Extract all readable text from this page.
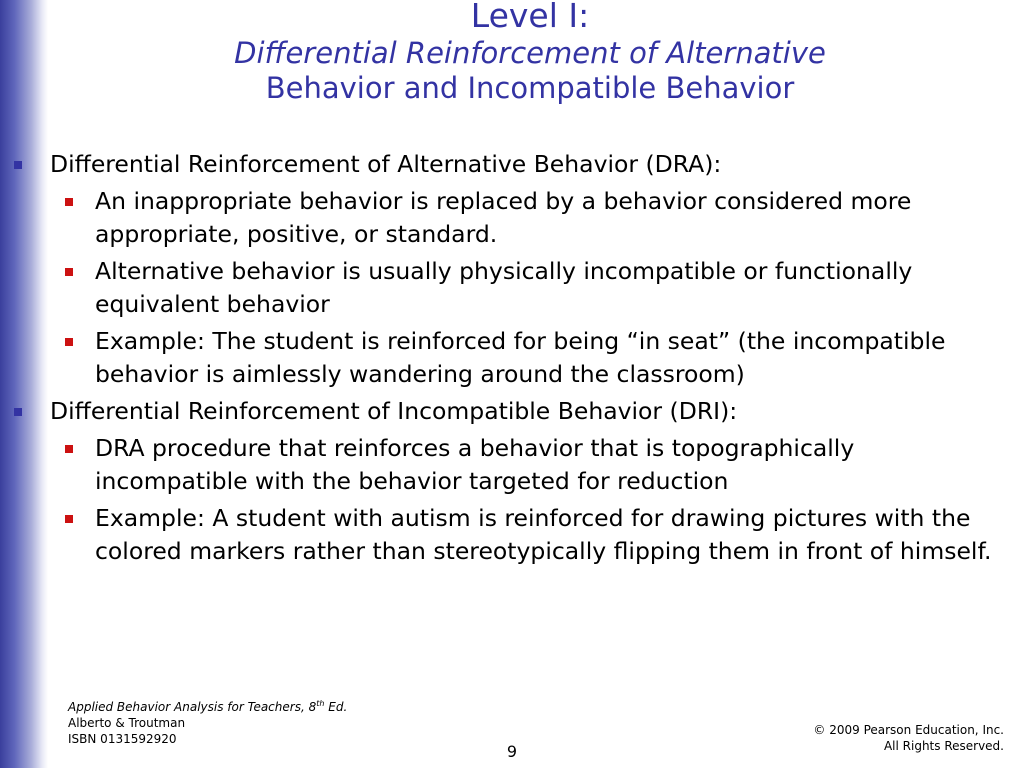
Level I:
Differential Reinforcement of Alternative
Behavior and Incompatible Behavior
Differential Reinforcement of Alternative Behavior (DRA):
An inappropriate behavior is replaced by a behavior considered more appropriate, positive, or standard.
Alternative behavior is usually physically incompatible or functionally equivalent behavior
Example: The student is reinforced for being “in seat” (the incompatible behavior is aimlessly wandering around the classroom)
Differential Reinforcement of Incompatible Behavior (DRI):
DRA procedure that reinforces a behavior that is topographically incompatible with the behavior targeted for reduction
Example: A student with autism is reinforced for drawing pictures with the colored markers rather than stereotypically flipping them in front of himself.
Applied Behavior Analysis for Teachers, 8th Ed.
Alberto & Troutman
ISBN 0131592920
© 2009 Pearson Education, Inc.
All Rights Reserved.
9
